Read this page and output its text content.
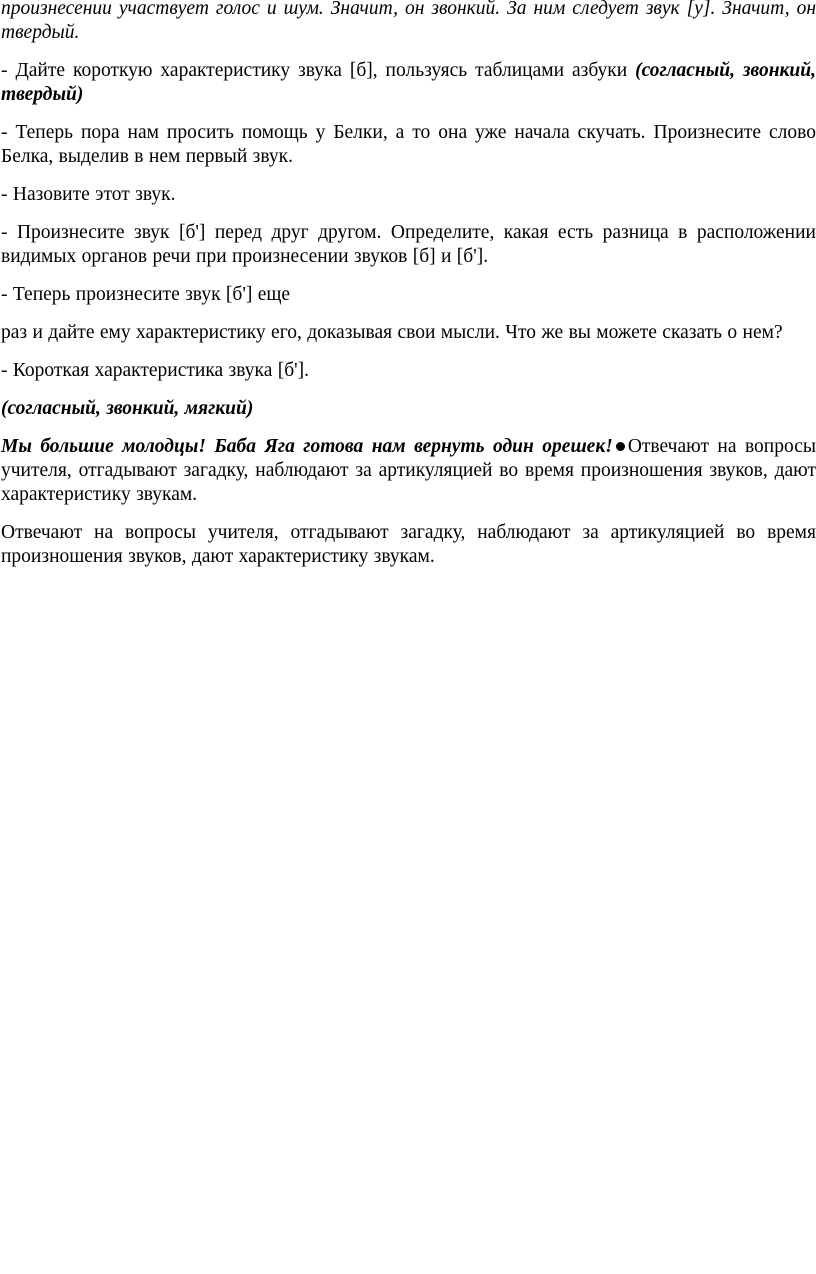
произнесении участвует голос и шум. Значит, он звонкий. За ним следует звук [у]. Значит, он твердый.

- Дайте короткую характеристику звука [б], пользуясь таблицами азбуки (согласный, звонкий, твердый)

- Теперь пора нам просить помощь у Белки, а то она уже начала скучать. Произнесите слово Белка, выделив в нем первый звук.

- Назовите этот звук.

- Произнесите звук [б'] перед друг другом. Определите, какая есть разница в расположении видимых органов речи при произнесении звуков [б] и [б'].

- Теперь произнесите звук [б'] еще

раз и дайте ему характеристику его, доказывая свои мысли. Что же вы можете сказать о нем?

- Короткая характеристика звука [б'].

(согласный, звонкий, мягкий)

Мы большие молодцы! Баба Яга готова нам вернуть один орешек! Отвечают на вопросы учителя, отгадывают загадку, наблюдают за артикуляцией во время произношения звуков, дают характеристику звукам.

Отвечают на вопросы учителя, отгадывают загадку, наблюдают за артикуляцией во время произношения звуков, дают характеристику звукам.
